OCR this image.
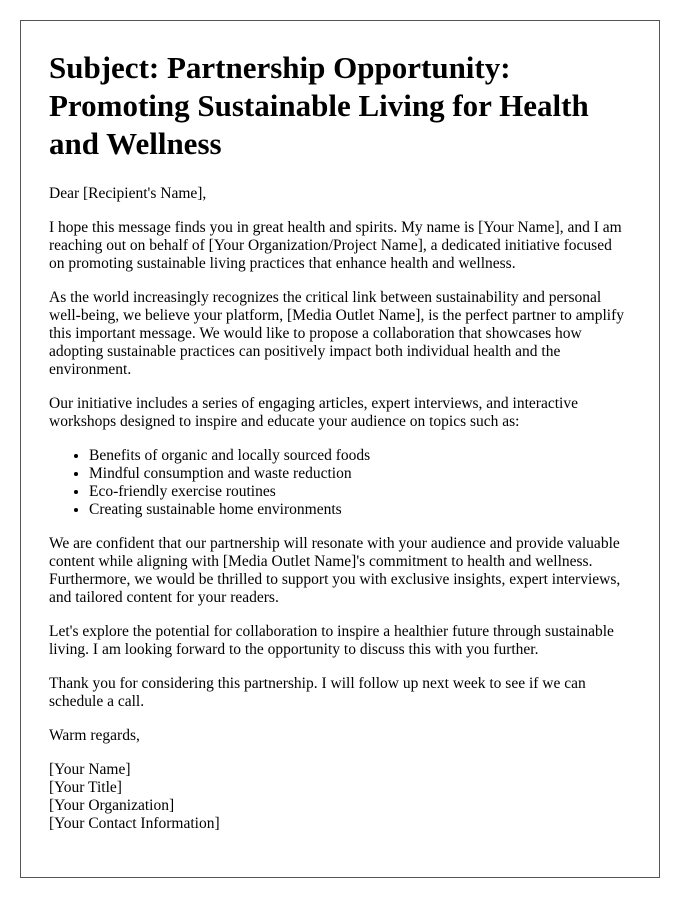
Subject: Partnership Opportunity: Promoting Sustainable Living for Health and Wellness

Dear [Recipient's Name],

I hope this message finds you in great health and spirits. My name is [Your Name], and I am reaching out on behalf of [Your Organization/Project Name], a dedicated initiative focused on promoting sustainable living practices that enhance health and wellness.

As the world increasingly recognizes the critical link between sustainability and personal well-being, we believe your platform, [Media Outlet Name], is the perfect partner to amplify this important message. We would like to propose a collaboration that showcases how adopting sustainable practices can positively impact both individual health and the environment.

Our initiative includes a series of engaging articles, expert interviews, and interactive workshops designed to inspire and educate your audience on topics such as:

• Benefits of organic and locally sourced foods
• Mindful consumption and waste reduction
• Eco-friendly exercise routines
• Creating sustainable home environments

We are confident that our partnership will resonate with your audience and provide valuable content while aligning with [Media Outlet Name]'s commitment to health and wellness. Furthermore, we would be thrilled to support you with exclusive insights, expert interviews, and tailored content for your readers.

Let's explore the potential for collaboration to inspire a healthier future through sustainable living. I am looking forward to the opportunity to discuss this with you further.

Thank you for considering this partnership. I will follow up next week to see if we can schedule a call.

Warm regards,

[Your Name]
[Your Title]
[Your Organization]
[Your Contact Information]
